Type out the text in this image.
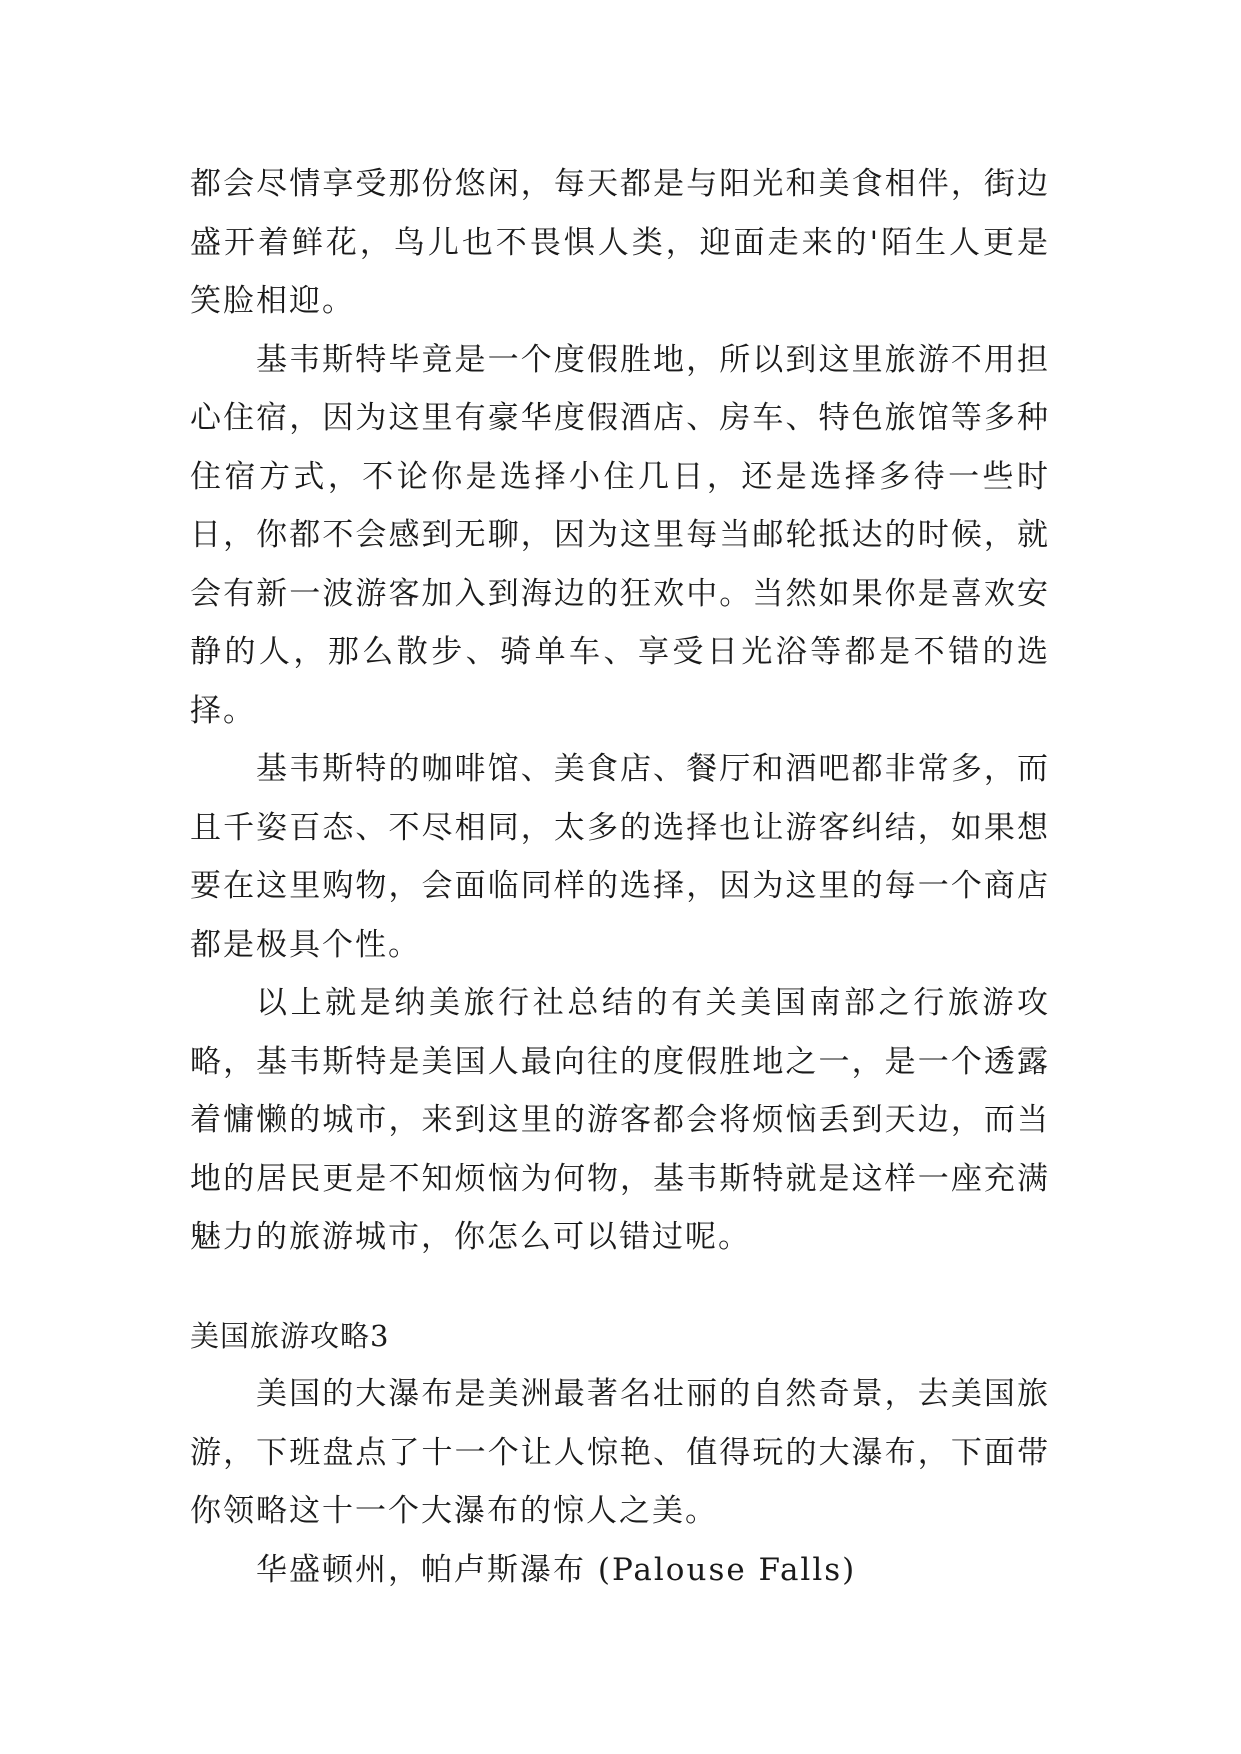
都会尽情享受那份悠闲，每天都是与阳光和美食相伴，街边盛开着鲜花，鸟儿也不畏惧人类，迎面走来的'陌生人更是笑脸相迎。

基韦斯特毕竟是一个度假胜地，所以到这里旅游不用担心住宿，因为这里有豪华度假酒店、房车、特色旅馆等多种住宿方式，不论你是选择小住几日，还是选择多待一些时日，你都不会感到无聊，因为这里每当邮轮抵达的时候，就会有新一波游客加入到海边的狂欢中。当然如果你是喜欢安静的人，那么散步、骑单车、享受日光浴等都是不错的选择。

基韦斯特的咖啡馆、美食店、餐厅和酒吧都非常多，而且千姿百态、不尽相同，太多的选择也让游客纠结，如果想要在这里购物，会面临同样的选择，因为这里的每一个商店都是极具个性。

以上就是纳美旅行社总结的有关美国南部之行旅游攻略，基韦斯特是美国人最向往的度假胜地之一，是一个透露着慵懒的城市，来到这里的游客都会将烦恼丢到天边，而当地的居民更是不知烦恼为何物，基韦斯特就是这样一座充满魅力的旅游城市，你怎么可以错过呢。

美国旅游攻略3

美国的大瀑布是美洲最著名壮丽的自然奇景，去美国旅游，下班盘点了十一个让人惊艳、值得玩的大瀑布，下面带你领略这十一个大瀑布的惊人之美。

华盛顿州，帕卢斯瀑布 (Palouse Falls)
